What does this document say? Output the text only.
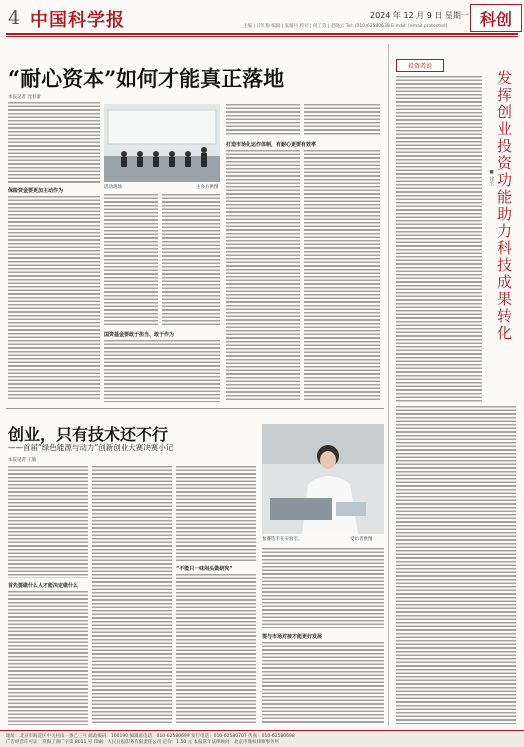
4 中国科学报	2024 年 12 月 9 日 星期一
主编 | 计红梅 编辑 | 张晴丹 校对 | 何工劳 | 赵晓云 Tel: (010)62580638 E-mail: [email protected]	科创
“耐心资本”如何才能真正落地
本报记者 沈春蕾
保险资金要更加主动作为
活动现场	主办方供图
国资基金要敢于担当、敢于作为
打造市场化运作体制，有耐心更要有效率
创业，只有技术还不行
——首届“绿色能源与动力”创新创业大赛决赛小记
本报记者 王敏
参赛选手在实验室。	受访者供图
首先要做什么人才能决定做什么
“不能只一味闷头做研究”
要与市场对接才能更好发展
投资者说
发挥创业投资功能 助力科技成果转化
■ 徐宏
地址：北京市海淀区中关村南一条乙三号 邮政编码：100190 编辑部电话：010-62580699 发行电话：010-62580707 传真：010-62580698
广告经营许可证：京海工商广字第 8011 号 印刷：人民日报印务有限责任公司 定价：1.50 元 本报常年法律顾问：北京市鼎权律师事务所
